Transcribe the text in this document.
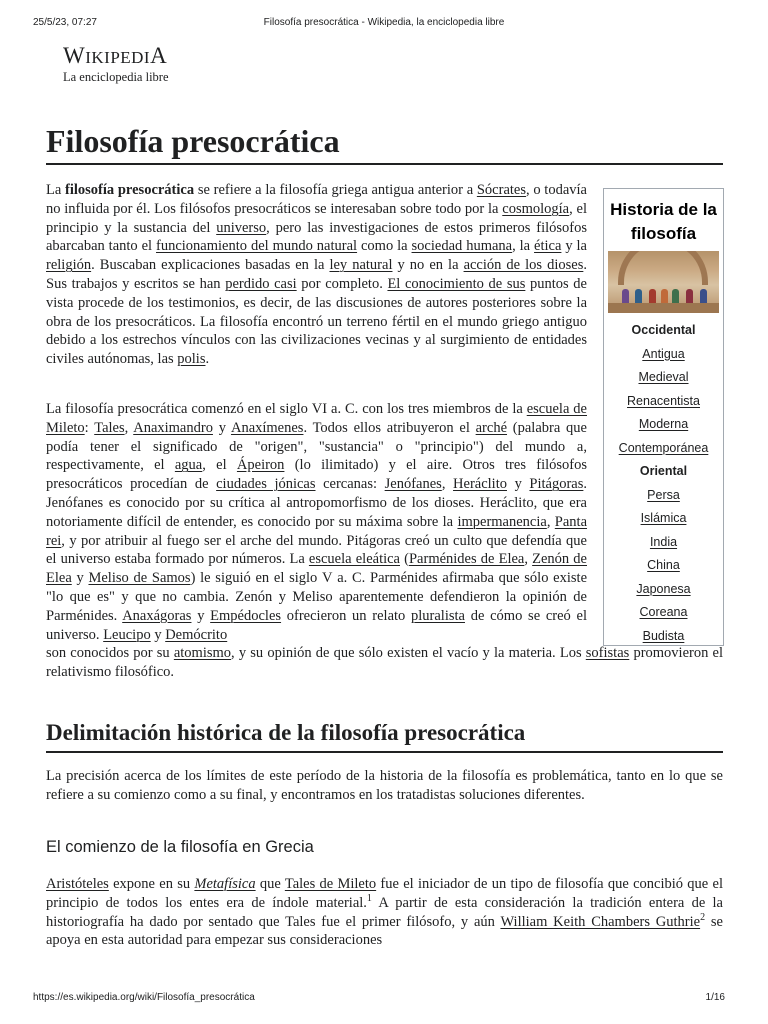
25/5/23, 07:27	Filosofía presocrática - Wikipedia, la enciclopedia libre
WIKIPEDIA
La enciclopedia libre
Filosofía presocrática
La filosofía presocrática se refiere a la filosofía griega antigua anterior a Sócrates, o todavía no influida por él. Los filósofos presocráticos se interesaban sobre todo por la cosmología, el principio y la sustancia del universo, pero las investigaciones de estos primeros filósofos abarcaban tanto el funcionamiento del mundo natural como la sociedad humana, la ética y la religión. Buscaban explicaciones basadas en la ley natural y no en la acción de los dioses. Sus trabajos y escritos se han perdido casi por completo. El conocimiento de sus puntos de vista procede de los testimonios, es decir, de las discusiones de autores posteriores sobre la obra de los presocráticos. La filosofía encontró un terreno fértil en el mundo griego antiguo debido a los estrechos vínculos con las civilizaciones vecinas y al surgimiento de entidades civiles autónomas, las polis.
Historia de la filosofía
Occidental
Antigua
Medieval
Renacentista
Moderna
Contemporánea
Oriental
Persa
Islámica
India
China
Japonesa
Coreana
Budista
La filosofía presocrática comenzó en el siglo VI a. C. con los tres miembros de la escuela de Mileto: Tales, Anaximandro y Anaxímenes. Todos ellos atribuyeron el arché (palabra que podía tener el significado de "origen", "sustancia" o "principio") del mundo a, respectivamente, el agua, el Ápeiron (lo ilimitado) y el aire. Otros tres filósofos presocráticos procedían de ciudades jónicas cercanas: Jenófanes, Heráclito y Pitágoras. Jenófanes es conocido por su crítica al antropomorfismo de los dioses. Heráclito, que era notoriamente difícil de entender, es conocido por su máxima sobre la impermanencia, Panta rei, y por atribuir al fuego ser el arche del mundo. Pitágoras creó un culto que defendía que el universo estaba formado por números. La escuela eleática (Parménides de Elea, Zenón de Elea y Meliso de Samos) le siguió en el siglo V a. C. Parménides afirmaba que sólo existe "lo que es" y que no cambia. Zenón y Meliso aparentemente defendieron la opinión de Parménides. Anaxágoras y Empédocles ofrecieron un relato pluralista de cómo se creó el universo. Leucipo y Demócrito
son conocidos por su atomismo, y su opinión de que sólo existen el vacío y la materia. Los sofistas promovieron el relativismo filosófico.
Delimitación histórica de la filosofía presocrática
La precisión acerca de los límites de este período de la historia de la filosofía es problemática, tanto en lo que se refiere a su comienzo como a su final, y encontramos en los tratadistas soluciones diferentes.
El comienzo de la filosofía en Grecia
Aristóteles expone en su Metafísica que Tales de Mileto fue el iniciador de un tipo de filosofía que concibió que el principio de todos los entes era de índole material.$^1$ A partir de esta consideración la tradición entera de la historiografía ha dado por sentado que Tales fue el primer filósofo, y aún William Keith Chambers Guthrie$^2$ se apoya en esta autoridad para empezar sus consideraciones
https://es.wikipedia.org/wiki/Filosofía_presocrática	1/16
